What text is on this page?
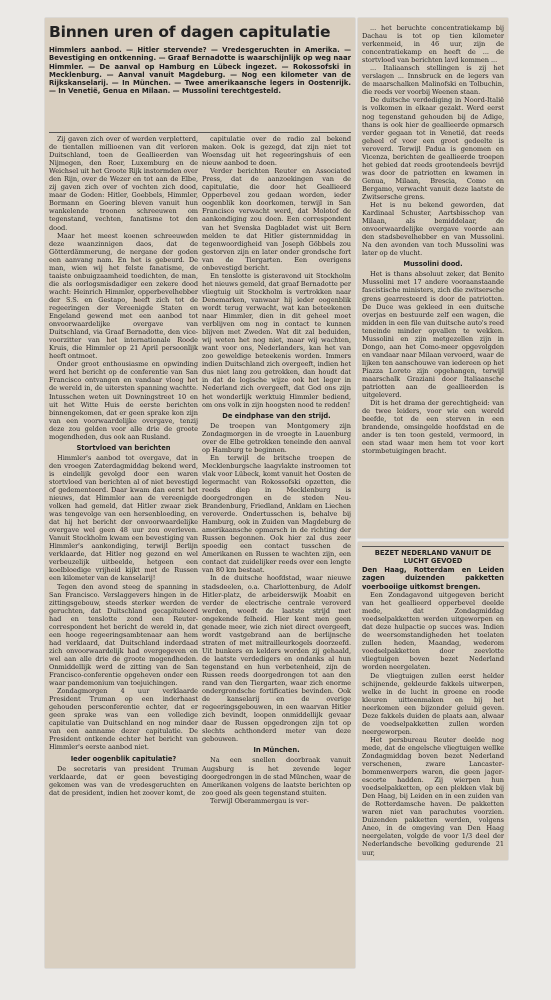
Binnen uren of dagen capitulatie
Himmlers aanbod. — Hitler stervende? — Vredesgeruchten in Amerika. — Bevestiging en ontkenning. — Graaf Bernadotte is waarschijnlijk op weg naar Himmler. — De aanval op Hamburg en Lübeck ingezet. — Rokossofski in Mecklenburg. — Aanval vanuit Magdeburg. — Nog een kilometer van de Rijkskanselarij. — In München. — Twee amerikaansche legers in Oostenrijk. — In Venetië, Genua en Milaan. — Mussolini terechtgesteld.

Zij gaven zich over of werden verpletterd, de tientallen millioenen van dit verloren Duitschland, toen de Geallieerden van Nijmegen, den Roer, Luxemburg en de Weichsel uit het Groote Rijk instormden over den Rijn, over de Wezer en tot aan de Elbe, zij gaven zich over of vochten zich dood, maar de Goden: Hitler, Goebbels, Himmler, Bormann en Goering bleven vanuit hun wankelende troonen schreeuwen om tegenstand, vechten, fanatisme tot den dood.

Maar het meest koenen schreeuwden deze waanzinnigen daos, dat de Götterdämmerung, de nergane der goden een aanvang nam. En het is gebeurd. De man, wien wij het felste fanatisme, de taaiste onbuigzaamheid toedichten, de man, die als oorlogsmisdadiger een zekere dood wacht: Heinrich Himmler, opperbevelhebber der S.S. en Gestapo, heeft zich tot de regeeringen der Vereenigde Staten en Engeland gewend met een aanbod tot onvoorwaardelijke overgave van Duitschland, via Graaf Bernadotte, den vice-voorzitter van het internationale Roode Kruis, die Himmler op 21 April persoonlijk heeft ontmoet.

Onder groot enthousiasme en opwinding werd het bericht op de conferentie van San Francisco ontvangen en vandaar vloog het de wereld in, de uitersten spanning wachtte. Intusschen weten uit Downingstreet 10 en uit het Witte Huis de eerste berichten binnengekomen, dat er geen sprake kon zijn van een voorwaardelijke overgave, tenzij deze zou gelden voor alle drie de groote mogendheden, dus ook aan Rusland.

Stortvloed van berichten

Himmler's aanbod tot overgave, dat in den vroegen Zaterdagmiddag bekend werd, is eindelijk gevolgd door een waren stortvloed van berichten al of niet bevestigd of gedementeerd. Daar kwam dan eerst het nieuws, dat Himmler aan de vereenigde volken had gemeld, dat Hitler zwaar ziek was tengevolge van een hersenbloeding, en dat hij het bericht der onvoorwaardelijke overgave wel geen 48 uur zou overleven. Vanuit Stockholm kwam een bevestiging van Himmler's aankondiging, terwijl Berlijn verklaarde, dat Hitler nog gezond en wel verbeuzelijk uitbeelde, hetgeen een koelbloedige vrijheid kijkt met de Russen een kilometer van de kanselarij!

Tegen den avond steeg de spanning in San Francisco. Verslaggevers hingen in de zittingsgebouw, steeds sterker werden de geruchten, dat Duitschland gecapituleerd had en tenslotte zond een Reuter-correspondent het bericht de wereld in, dat een hooge regeeringsambtenaar aan hem had verklaard, dat Duitschland inderdaad zich onvoorwaardelijk had overgegeven en wel aan alle drie de groote mogendheden. Onmiddellijk werd de zitting van de San Francisco-conferentie opgeheven onder een waar pandemonium van toejuichingen.

Zondagmorgen 4 uur verklaarde President Truman op een inderhaast gehouden persconferentie echter, dat er geen sprake was van een volledige capitulatie van Duitschland en nog minder van een aanname dezer capitulatie. De President ontkende echter het bericht van Himmler's eerste aanbod niet.

Ieder oogenblik capitulatie?

De secretaris van president Truman verklaarde, dat er geen bevestiging gekomen was van de vredesgeruchten en dat de president, indien het zoover komt, de

capitulatie over de radio zal bekend maken. Ook is gezegd, dat zijn niet tot Woensdag uit het regeeringshuis of een nieuw aanbod te doen.

Verder berichten Reuter en Associated Press, dat de aanzoekingen van de capitulatie, die door het Geallieerd Opperbevel zou gedaan worden, ieder oogenblik kon doorkomen, terwijl in San Francisco verwacht werd, dat Molotof de aankondiging zou doen. Een correspondent van het Svenska Dagbladet wist uit Bern melden te dat Hitler gisternmiddag in tegenwoordigheid van Joseph Göbbels zou gestorven zijn en later onder grondsche fort van de Tiergarten. Een overigens onbevestigd bericht.

En tenslotte is gisteravond uit Stockholm het nieuws gemeld, dat graaf Bernadotte per vliegtuig uit Stockholm is vertrokken naar Denemarken, vanwaar hij ieder oogenblik wordt terug verwacht, wat kan beteekenen naar Himmler, dien in dit geheel moet verblijven om nog in contact te kunnen blijven met Zweden. Wat dit zal beduiden, wij weten het nog niet, maar wij wachten, want voor ons, Nederlanders, kan het van zoo geweldige beteekenis worden. Immers indien Duitschland zich overgeeft, indien het dus niet lang zou getrokken, dan houdt dat in dat de logische wijze ook het leger in Nederland zich overgeeft, dat God ons zijn het wonderlijk werktuig Himmler bediend, om ons volk in zijn hoogsten nood te redden!

De eindphase van den strijd.

De troepen van Montgomery zijn Zondagmorgen in de vroegte in Lauenburg over de Elbe getrokken teneinde den aanval op Hamburg te beginnen.

En terwijl de britsche troepen de Mecklenburgsche laagvlakte instroomen tot vlak voor Lübeck, komt vanuit het Oosten de legermacht van Rokossofski opzetten, die reeds diep in Mecklenburg is doorgedrongen en de steden Neu-Brandenburg, Friedland, Anklam en Liechen veroverde. Ondertusschen is, behalve bij Hamburg, ook in Zuiden van Magdeburg de amerikaansche opmarsch in de richting der Russen begonnen. Ook hier zal dus zeer spoedig een contact tusschen de Amerikanen en Russen te wachten zijn, een contact dat zuidelijker reeds over een lengte van 80 km bestaat.

In de duitsche hoofdstad, waar nieuwe stadsdeelen, o.a. Charlottenburg, de Adolf Hitler-platz, de arbeiderswijk Moabit en verder de electrische centrale veroverd werden, woedt de laatste strijd met ongekende felheid. Hier kent men geen genade meer, wie zich niet direct overgeeft, wordt vastgebrand aan de berlijnsche straten of met mitrailleurkogels doorzeefd. Uit bunkers en kelders worden zij gehaald, de laatste verdedigers en ondanks al hun tegenstand en hun verbetenheid, zijn de Russen reeds doorgedrongen tot aan den rand van den Tiergarten, waar zich enorme ondergrondsche fortificaties bevinden. Ook de kanselarij en de overige regeeringsgebouwen, in een waarvan Hitler zich bevindt, loopen onmiddellijk gevaar daar de Russen opgedrongen zijn tot op slechts achthonderd meter van deze gebouwen.

In München.

Na een snellen doorbraak vanuit Augsburg is het zevende leger doorgedrongen in de stad München, waar de Amerikanen volgens de laatste berichten op zoo goed als geen tegenstand stuiten.

Terwijl Oberammergau is ver-

... het beruchte concentratiekamp bij Dachau is tot op tien kilometer verkenmeid, in 46 uur, zijn de concentratiekamp en heeft de ... de stortvloed van berichten lavd kommen ...

... Italiaansch stellingen is zij het verslagen ... Innsbruck en de legers van de maarschalken Malinofski en Tolbuchin, die reeds ver voorbij Weenen staan.

De duitsche verdediging in Noord-Italië is volkomen in elkaar gezakt. Werd eerst nog tegenstand gehouden bij de Adige, thans is ook hier de geallieerde opmarsch verder gegaan tot in Venetië, dat reeds geheel of voor een groot gedeelte is veroverd. Terwijl Padua is genomen en Vicenza, berichten de geallieerde troepen het gebied dat reeds grootendeels bevrijd was door de patriotten en kwamen in Genua, Milaan, Brescia, Como en Bergamo, verwacht vanuit deze laatste de Zwitsersche grens.

Het is nu bekend geworden, dat Kardinaal Schuster, Aartsbisschop van Milaan, als bemiddelaar, de onvoorwaardelijke overgave voorde aan den stadsbevelhebber en van Mussolini. Na den avonden van toch Mussolini was later op de vlucht.

Mussolini dood.

Het is thans absoluut zeker, dat Benito Mussolini met 17 andere vooraanstaande fascistische ministers, zich die zwitsersche grens gearresteerd is door de patriotten. De Duce was gekleed in een duitsche overjas en bestuurde zelf een wagen, die midden in een file van duitsche auto's reed teneinde minder opvallen te wekken. Mussolini en zijn metgezellen zijn in Dongo, aan het Como-meer opgevolgden en vandaar naar Milaan vervoerd, waar de lijken ten aanschouwe van iedereen op het Piazza Loreto zijn opgehangen, terwijl maarschalk Graziani door Italiaansche patriotten aan de geallieerden is uitgeleverd.

Dit is het drama der gerechtigheid: van de twee leiders, voor wie een wereld beefde, tot de een sterven in een brandende, omsingelde hoofdstad en de ander is ten toon gesteld, vermoord, in een stad waar men hem tot voor kort stormbetuigingen bracht.

BEZET NEDERLAND VANUIT DE LUCHT GEVOED
Den Haag, Rotterdam en Leiden zagen duizenden pakketten voerbooiige uitkomst brengen.

Een Zondagavond uitgegeven bericht van het geallieerd opperbevel deelde mede, dat Zondagmiddag voedselpakketten werden uitgeworpen en dat deze hulpactie op succes was. Indien de weersomstandigheden het toelaten zullen heden, Maandag, wederom voedselpakketten door zeevlotte vliegtuigen boven bezet Nederland worden neergelaten.

De vliegtuigen zullen eerst helder schijnende, gekleurde fakkels uitwerpen, welke in de lucht in groene en roode kleuren uitteenmaken en bij het neerkomen een bijzonder geluid geven. Deze fakkels duiden de plaats aan, alwaar de voedselpakketten zullen worden neergeworpen.

Het persbureau Reuter deelde nog mede, dat de engelsche vliegtuigen wellke Zondagmiddag boven bezet Nederland verschenen, zware Lancaster-bommenwerpers waren, die geen jager-escorte hadden. Zij wierpen hun voedselpakketten, op een plekken vlak bij Den Haag, bij Leiden en in een zuiden van de Rotterdamsche haven. De pakketten waren niet van parachutes voorzien. Duizenden pakketten werden, volgens Aneo, in de omgeving van Den Haag neergelaten, volgde de voor 1/3 deel der Nederlandsche bevolking gedurende 21 uur,
